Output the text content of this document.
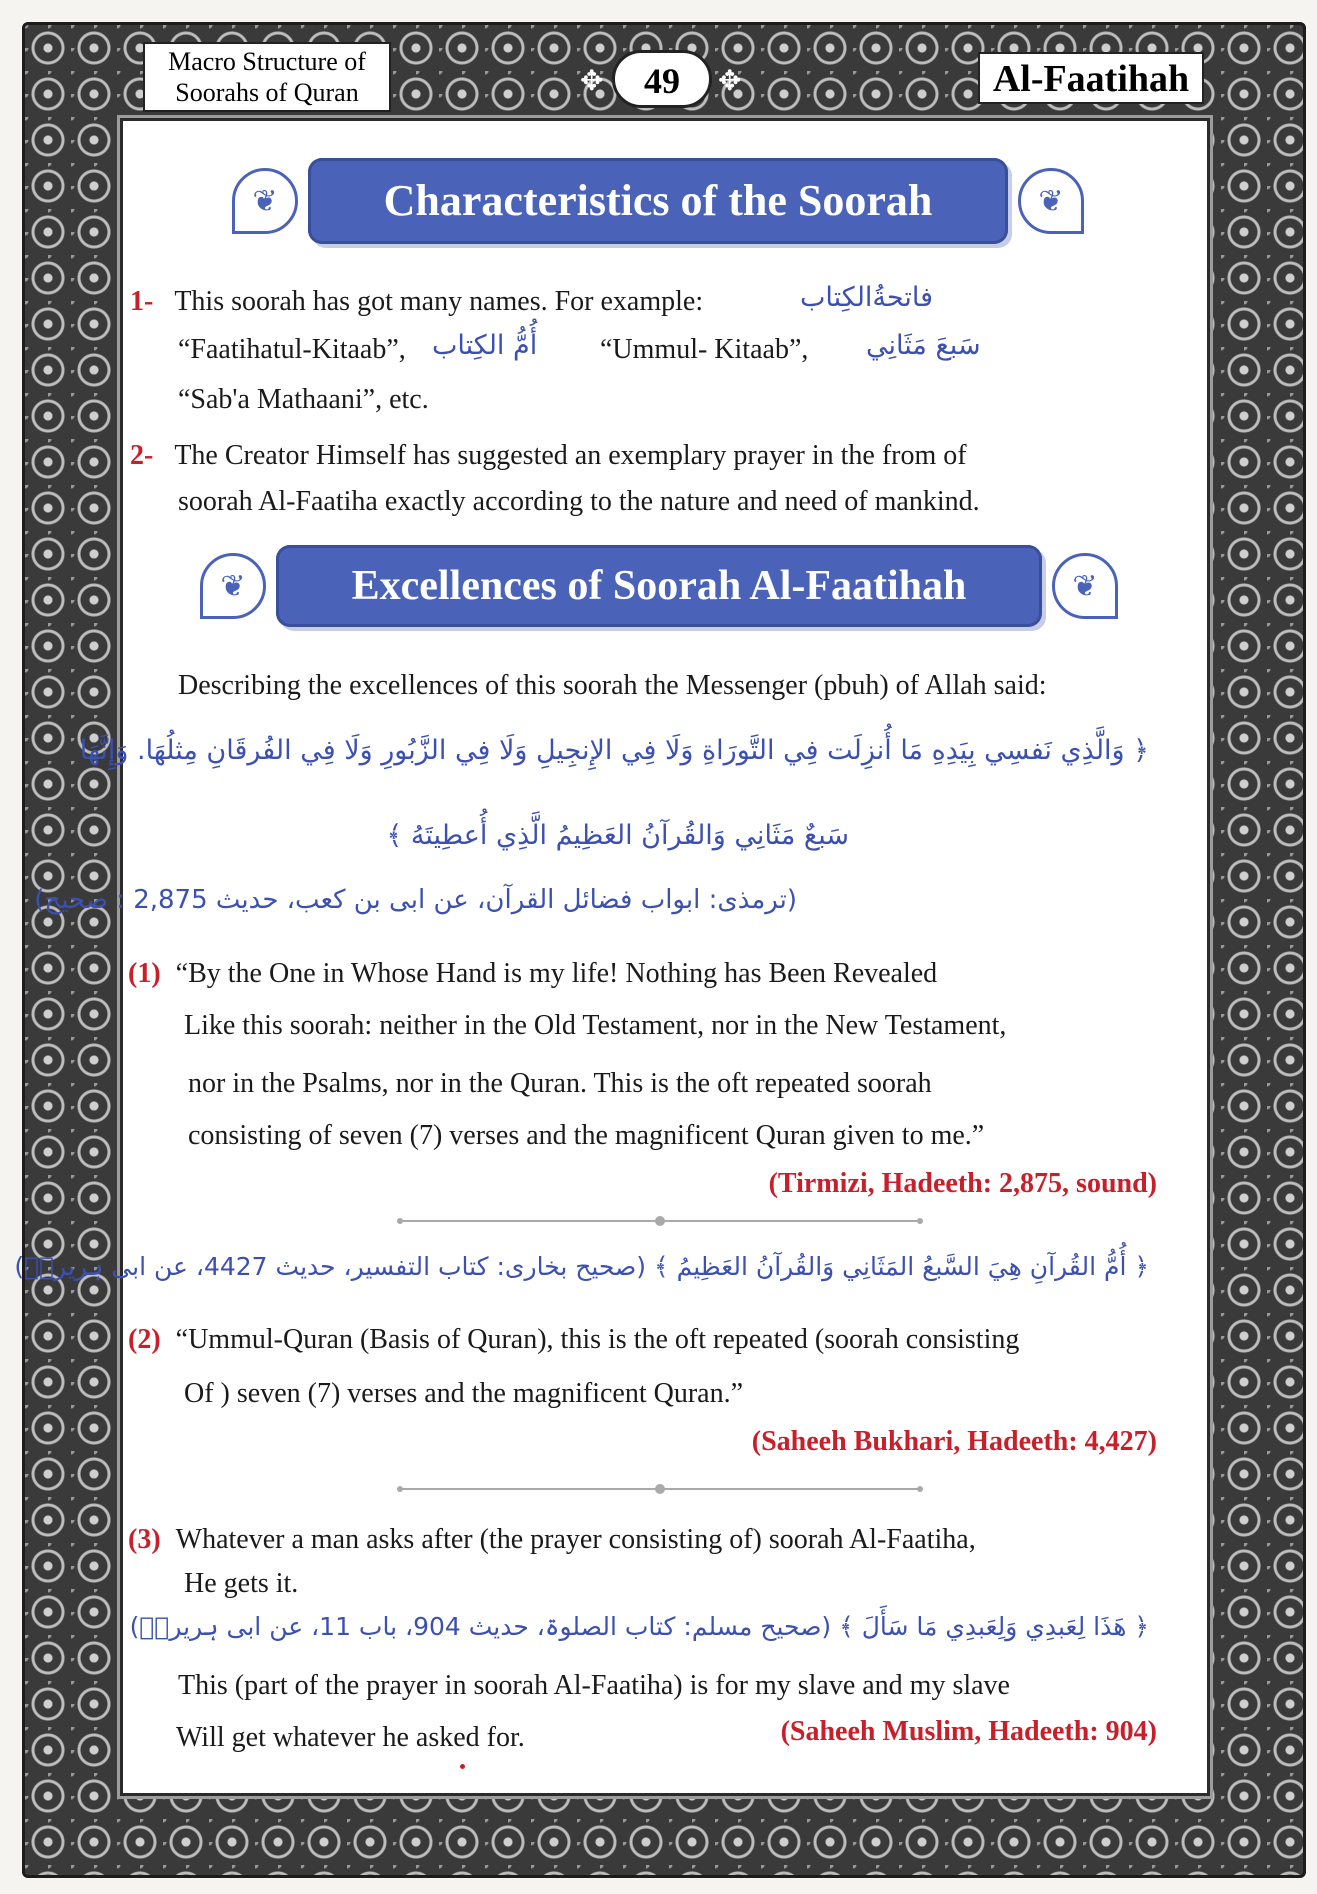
Macro Structure of
Soorahs of Quran	✥	49	✥	Al-Faatihah
❦	Characteristics of the Soorah	❦
1- This soorah has got many names. For example:	فاتحةُالكِتاب
“Faatihatul-Kitaab”, أُمُّ الكِتاب “Ummul- Kitaab”, سَبعَ مَثَانِي
“Sab'a Mathaani”, etc.
2- The Creator Himself has suggested an exemplary prayer in the from of
soorah Al-Faatiha exactly according to the nature and need of mankind.
❦	Excellences of Soorah Al-Faatihah	❦
Describing the excellences of this soorah the Messenger (pbuh) of Allah said:
﴿ وَالَّذِي نَفسِي بِيَدِهِ مَا أُنزِلَت فِي التَّورَاةِ وَلَا فِي الإِنجِيلِ وَلَا فِي الزَّبُورِ وَلَا فِي الفُرقَانِ مِثلُهَا. وَإِنَّهَا
سَبعٌ مَثَانِي وَالقُرآنُ العَظِيمُ الَّذِي أُعطِيتَهُ ﴾
(ترمذی: ابواب فضائل القرآن، عن ابی بن کعب، حدیث 2,875 : صحیح)
(1) “By the One in Whose Hand is my life! Nothing has Been Revealed
Like this soorah: neither in the Old Testament, nor in the New Testament,
nor in the Psalms, nor in the Quran. This is the oft repeated soorah
consisting of seven (7) verses and the magnificent Quran given to me.”
(Tirmizi, Hadeeth: 2,875, sound)
﴿ أُمُّ القُرآنِ هِيَ السَّبعُ المَثَانِي وَالقُرآنُ العَظِيمُ ﴾ (صحیح بخاری: کتاب التفسیر، حدیث 4427، عن ابی ہریرۃؓ)
(2) “Ummul-Quran (Basis of Quran), this is the oft repeated (soorah consisting
Of ) seven (7) verses and the magnificent Quran.”
(Saheeh Bukhari, Hadeeth: 4,427)
(3) Whatever a man asks after (the prayer consisting of) soorah Al-Faatiha,
He gets it.
﴿ هَذَا لِعَبدِي وَلِعَبدِي مَا سَأَلَ ﴾ (صحیح مسلم: کتاب الصلوۃ، حدیث 904، باب 11، عن ابی ہریرۃؓ)
This (part of the prayer in soorah Al-Faatiha) is for my slave and my slave
Will get whatever he asked for.	(Saheeh Muslim, Hadeeth: 904)
